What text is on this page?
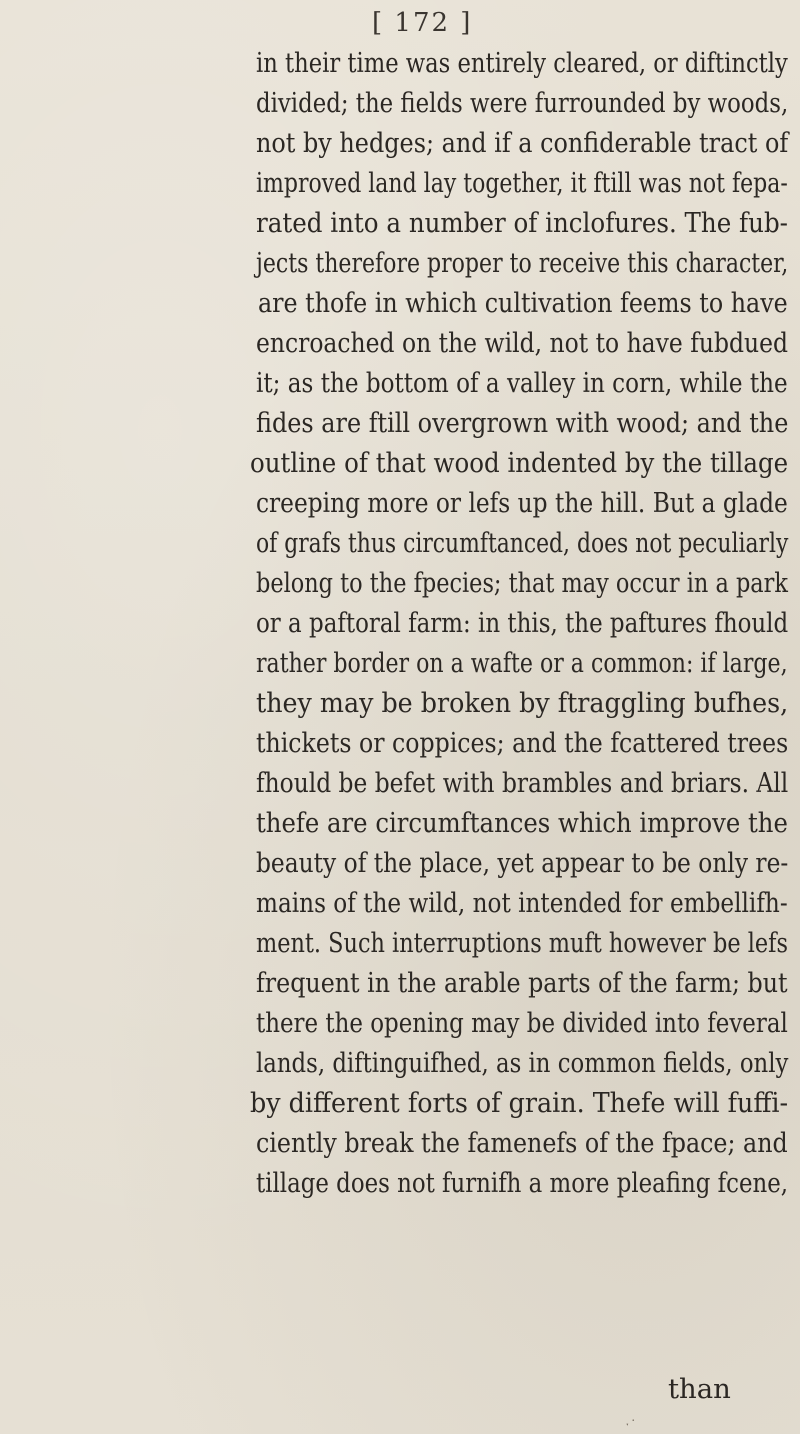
[ 172 ]
in their time was entirely cleared, or diftinctly
divided; the fields were furrounded by woods,
not by hedges; and if a confiderable tract of
improved land lay together, it ftill was not fepa-
rated into a number of inclofures. The fub-
jects therefore proper to receive this character,
are thofe in which cultivation feems to have
encroached on the wild, not to have fubdued
it; as the bottom of a valley in corn, while the
fides are ftill overgrown with wood; and the
outline of that wood indented by the tillage
creeping more or lefs up the hill. But a glade
of grafs thus circumftanced, does not peculiarly
belong to the fpecies; that may occur in a park
or a paftoral farm: in this, the paftures fhould
rather border on a wafte or a common: if large,
they may be broken by ftraggling bufhes,
thickets or coppices; and the fcattered trees
fhould be befet with brambles and briars. All
thefe are circumftances which improve the
beauty of the place, yet appear to be only re-
mains of the wild, not intended for embellifh-
ment. Such interruptions muft however be lefs
frequent in the arable parts of the farm; but
there the opening may be divided into feveral
lands, diftinguifhed, as in common fields, only
by different forts of grain. Thefe will fuffi-
ciently break the famenefs of the fpace; and
tillage does not furnifh a more pleafing fcene,
than
ˑ˙
